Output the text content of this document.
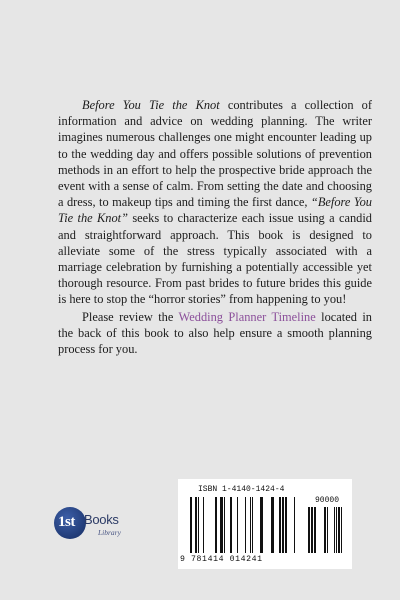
Before You Tie the Knot contributes a collection of information and advice on wedding planning. The writer imagines numerous challenges one might encounter leading up to the wedding day and offers possible solutions of prevention methods in an effort to help the prospective bride approach the event with a sense of calm. From setting the date and choosing a dress, to makeup tips and timing the first dance, “Before You Tie the Knot” seeks to characterize each issue using a candid and straightforward approach. This book is designed to alleviate some of the stress typically associated with a marriage celebration by furnishing a potentially accessible yet thorough resource. From past brides to future brides this guide is here to stop the “horror stories” from happening to you!

Please review the Wedding Planner Timeline located in the back of this book to also help ensure a smooth planning process for you.

1st Books
Library
ISBN 1-4140-1424-4
90000
9 781414 014241
